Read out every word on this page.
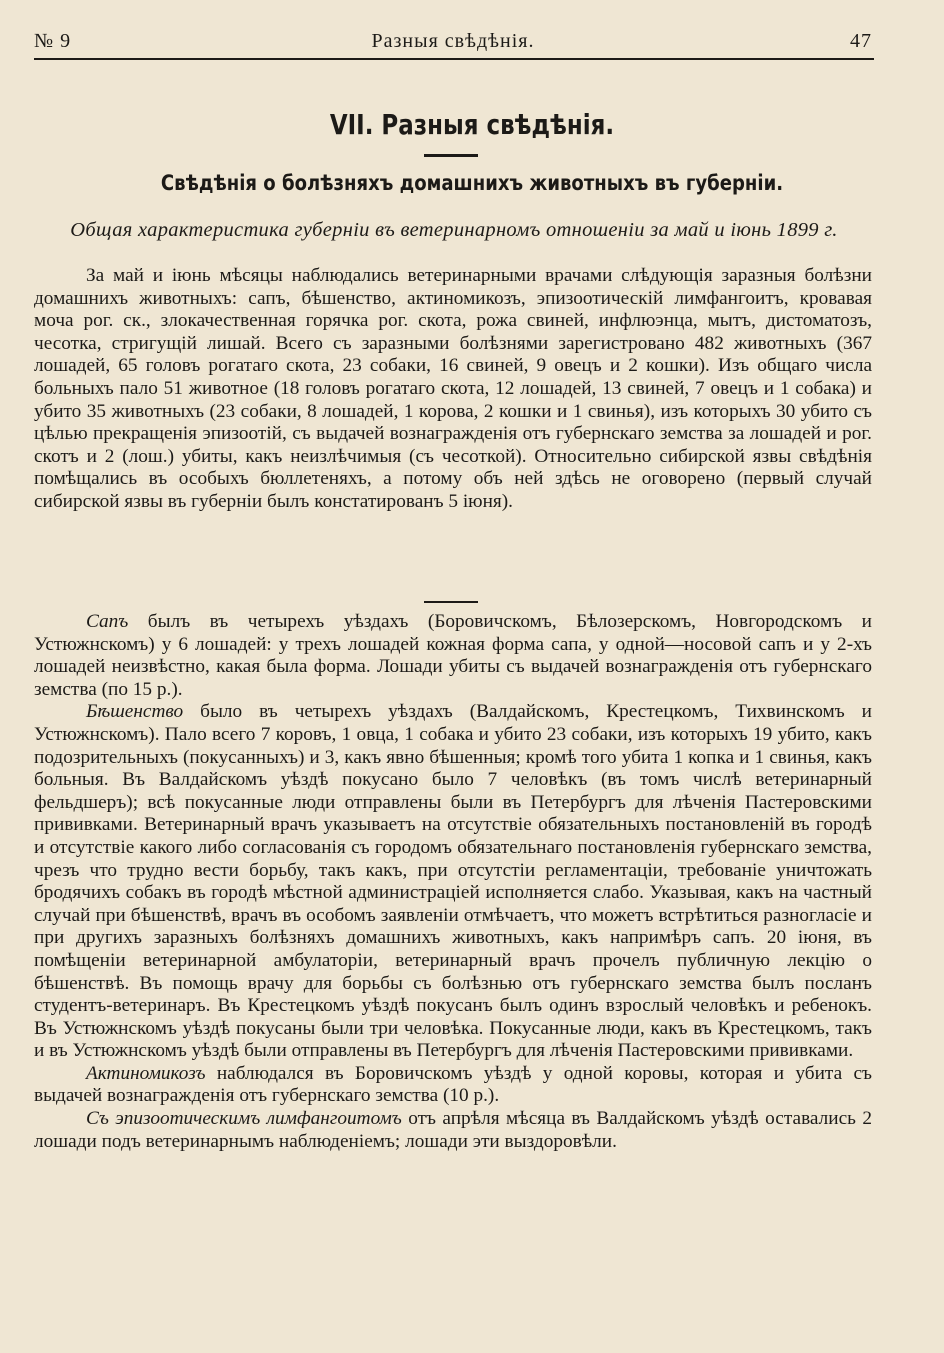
№ 9	Разныя свѣдѣнія.	47
VII. Разныя свѣдѣнія.
Свѣдѣнія о болѣзняхъ домашнихъ животныхъ въ губерніи.
Общая характеристика губерніи въ ветеринарномъ отношеніи за май и іюнь 1899 г.

За май и іюнь мѣсяцы наблюдались ветеринарными врачами слѣдующія заразныя болѣзни домашнихъ животныхъ: сапъ, бѣшенство, актиномикозъ, эпизоотическій лимфангоитъ, кровавая моча рог. ск., злокачественная горячка рог. скота, рожа свиней, инфлюэнца, мытъ, дистоматозъ, чесотка, стригущій лишай. Всего съ заразными болѣзнями зарегистровано 482 животныхъ (367 лошадей, 65 головъ рогатаго скота, 23 собаки, 16 свиней, 9 овецъ и 2 кошки). Изъ общаго числа больныхъ пало 51 животное (18 головъ рогатаго скота, 12 лошадей, 13 свиней, 7 овецъ и 1 собака) и убито 35 животныхъ (23 собаки, 8 лошадей, 1 корова, 2 кошки и 1 свинья), изъ которыхъ 30 убито съ цѣлью прекращенія эпизоотій, съ выдачей вознагражденія отъ губернскаго земства за лошадей и рог. скотъ и 2 (лош.) убиты, какъ неизлѣчимыя (съ чесоткой). Относительно сибирской язвы свѣдѣнія помѣщались въ особыхъ бюллетеняхъ, а потому объ ней здѣсь не оговорено (первый случай сибирской язвы въ губерніи былъ констатированъ 5 іюня).

Сапъ былъ въ четырехъ уѣздахъ (Боровичскомъ, Бѣлозерскомъ, Новгородскомъ и Устюжнскомъ) у 6 лошадей: у трехъ лошадей кожная форма сапа, у одной—носовой сапъ и у 2-хъ лошадей неизвѣстно, какая была форма. Лошади убиты съ выдачей вознагражденія отъ губернскаго земства (по 15 р.).

Бѣшенство было въ четырехъ уѣздахъ (Валдайскомъ, Крестецкомъ, Тихвинскомъ и Устюжнскомъ). Пало всего 7 коровъ, 1 овца, 1 собака и убито 23 собаки, изъ которыхъ 19 убито, какъ подозрительныхъ (покусанныхъ) и 3, какъ явно бѣшенныя; кромѣ того убита 1 копка и 1 свинья, какъ больныя. Въ Валдайскомъ уѣздѣ покусано было 7 человѣкъ (въ томъ числѣ ветеринарный фельдшеръ); всѣ покусанные люди отправлены были въ Петербургъ для лѣченія Пастеровскими прививками. Ветеринарный врачъ указываетъ на отсутствіе обязательныхъ постановленій въ городѣ и отсутствіе какого либо согласованія съ городомъ обязательнаго постановленія губернскаго земства, чрезъ что трудно вести борьбу, такъ какъ, при отсутстіи регламентаціи, требованіе уничтожать бродячихъ собакъ въ городѣ мѣстной администраціей исполняется слабо. Указывая, какъ на частный случай при бѣшенствѣ, врачъ въ особомъ заявленіи отмѣчаетъ, что можетъ встрѣтиться разногласіе и при другихъ заразныхъ болѣзняхъ домашнихъ животныхъ, какъ напримѣръ сапъ. 20 іюня, въ помѣщеніи ветеринарной амбулаторіи, ветеринарный врачъ прочелъ публичную лекцію о бѣшенствѣ. Въ помощь врачу для борьбы съ болѣзнью отъ губернскаго земства былъ посланъ студентъ-ветеринаръ. Въ Крестецкомъ уѣздѣ покусанъ былъ одинъ взрослый человѣкъ и ребенокъ. Въ Устюжнскомъ уѣздѣ покусаны были три человѣка. Покусанные люди, какъ въ Крестецкомъ, такъ и въ Устюжнскомъ уѣздѣ были отправлены въ Петербургъ для лѣченія Пастеровскими прививками.

Актиномикозъ наблюдался въ Боровичскомъ уѣздѣ у одной коровы, которая и убита съ выдачей вознагражденія отъ губернскаго земства (10 р.).

Съ эпизоотическимъ лимфангоитомъ отъ апрѣля мѣсяца въ Валдайскомъ уѣздѣ оставались 2 лошади подъ ветеринарнымъ наблюденіемъ; лошади эти выздоровѣли.
